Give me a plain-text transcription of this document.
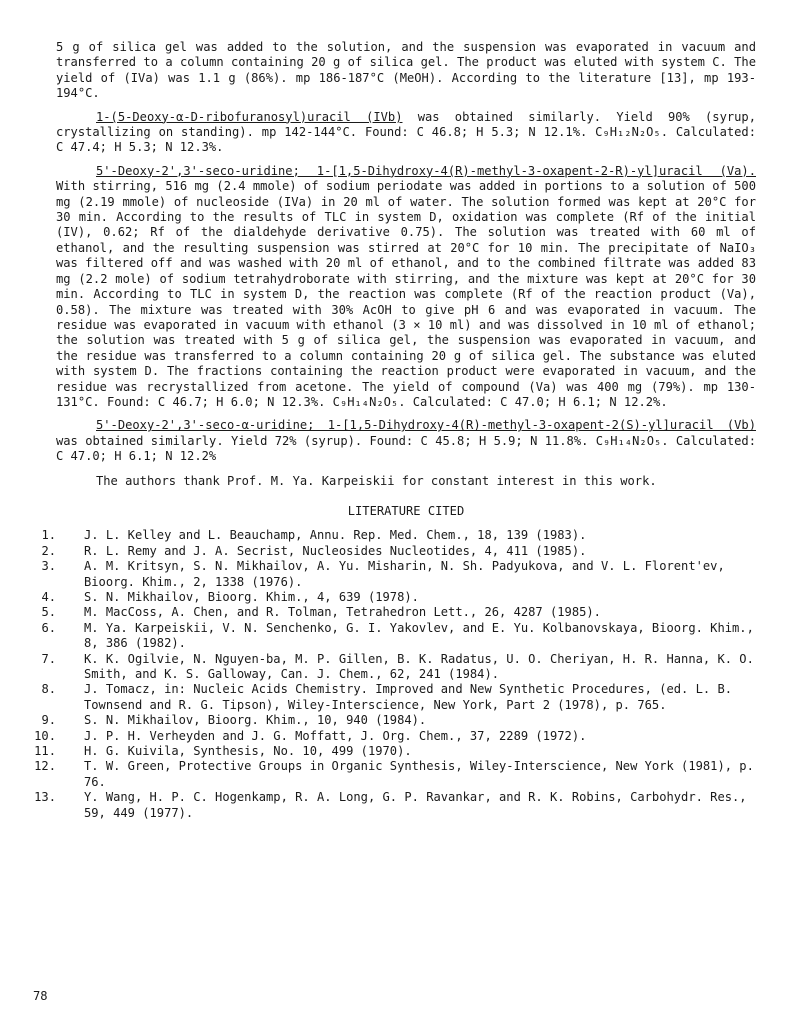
5 g of silica gel was added to the solution, and the suspension was evaporated in vacuum and transferred to a column containing 20 g of silica gel. The product was eluted with system C. The yield of (IVa) was 1.1 g (86%). mp 186-187°C (MeOH). According to the literature [13], mp 193-194°C.

1-(5-Deoxy-α-D-ribofuranosyl)uracil (IVb) was obtained similarly. Yield 90% (syrup, crystallizing on standing). mp 142-144°C. Found: C 46.8; H 5.3; N 12.1%. C₉H₁₂N₂O₅. Calculated: C 47.4; H 5.3; N 12.3%.

5'-Deoxy-2',3'-seco-uridine; 1-[1,5-Dihydroxy-4(R)-methyl-3-oxapent-2-R)-yl]uracil (Va). With stirring, 516 mg (2.4 mmole) of sodium periodate was added in portions to a solution of 500 mg (2.19 mmole) of nucleoside (IVa) in 20 ml of water. The solution formed was kept at 20°C for 30 min. According to the results of TLC in system D, oxidation was complete (Rf of the initial (IV), 0.62; Rf of the dialdehyde derivative 0.75). The solution was treated with 60 ml of ethanol, and the resulting suspension was stirred at 20°C for 10 min. The precipitate of NaIO₃ was filtered off and was washed with 20 ml of ethanol, and to the combined filtrate was added 83 mg (2.2 mole) of sodium tetrahydroborate with stirring, and the mixture was kept at 20°C for 30 min. According to TLC in system D, the reaction was complete (Rf of the reaction product (Va), 0.58). The mixture was treated with 30% AcOH to give pH 6 and was evaporated in vacuum. The residue was evaporated in vacuum with ethanol (3 × 10 ml) and was dissolved in 10 ml of ethanol; the solution was treated with 5 g of silica gel, the suspension was evaporated in vacuum, and the residue was transferred to a column containing 20 g of silica gel. The substance was eluted with system D. The fractions containing the reaction product were evaporated in vacuum, and the residue was recrystallized from acetone. The yield of compound (Va) was 400 mg (79%). mp 130-131°C. Found: C 46.7; H 6.0; N 12.3%. C₉H₁₄N₂O₅. Calculated: C 47.0; H 6.1; N 12.2%.

5'-Deoxy-2',3'-seco-α-uridine; 1-[1,5-Dihydroxy-4(R)-methyl-3-oxapent-2(S)-yl]uracil (Vb) was obtained similarly. Yield 72% (syrup). Found: C 45.8; H 5.9; N 11.8%. C₉H₁₄N₂O₅. Calculated: C 47.0; H 6.1; N 12.2%

The authors thank Prof. M. Ya. Karpeiskii for constant interest in this work.

LITERATURE CITED
1. J. L. Kelley and L. Beauchamp, Annu. Rep. Med. Chem., 18, 139 (1983).
2. R. L. Remy and J. A. Secrist, Nucleosides Nucleotides, 4, 411 (1985).
3. A. M. Kritsyn, S. N. Mikhailov, A. Yu. Misharin, N. Sh. Padyukova, and V. L. Florent'ev, Bioorg. Khim., 2, 1338 (1976).
4. S. N. Mikhailov, Bioorg. Khim., 4, 639 (1978).
5. M. MacCoss, A. Chen, and R. Tolman, Tetrahedron Lett., 26, 4287 (1985).
6. M. Ya. Karpeiskii, V. N. Senchenko, G. I. Yakovlev, and E. Yu. Kolbanovskaya, Bioorg. Khim., 8, 386 (1982).
7. K. K. Ogilvie, N. Nguyen-ba, M. P. Gillen, B. K. Radatus, U. O. Cheriyan, H. R. Hanna, K. O. Smith, and K. S. Galloway, Can. J. Chem., 62, 241 (1984).
8. J. Tomacz, in: Nucleic Acids Chemistry. Improved and New Synthetic Procedures, (ed. L. B. Townsend and R. G. Tipson), Wiley-Interscience, New York, Part 2 (1978), p. 765.
9. S. N. Mikhailov, Bioorg. Khim., 10, 940 (1984).
10. J. P. H. Verheyden and J. G. Moffatt, J. Org. Chem., 37, 2289 (1972).
11. H. G. Kuivila, Synthesis, No. 10, 499 (1970).
12. T. W. Green, Protective Groups in Organic Synthesis, Wiley-Interscience, New York (1981), p. 76.
13. Y. Wang, H. P. C. Hogenkamp, R. A. Long, G. P. Ravankar, and R. K. Robins, Carbohydr. Res., 59, 449 (1977).
78
